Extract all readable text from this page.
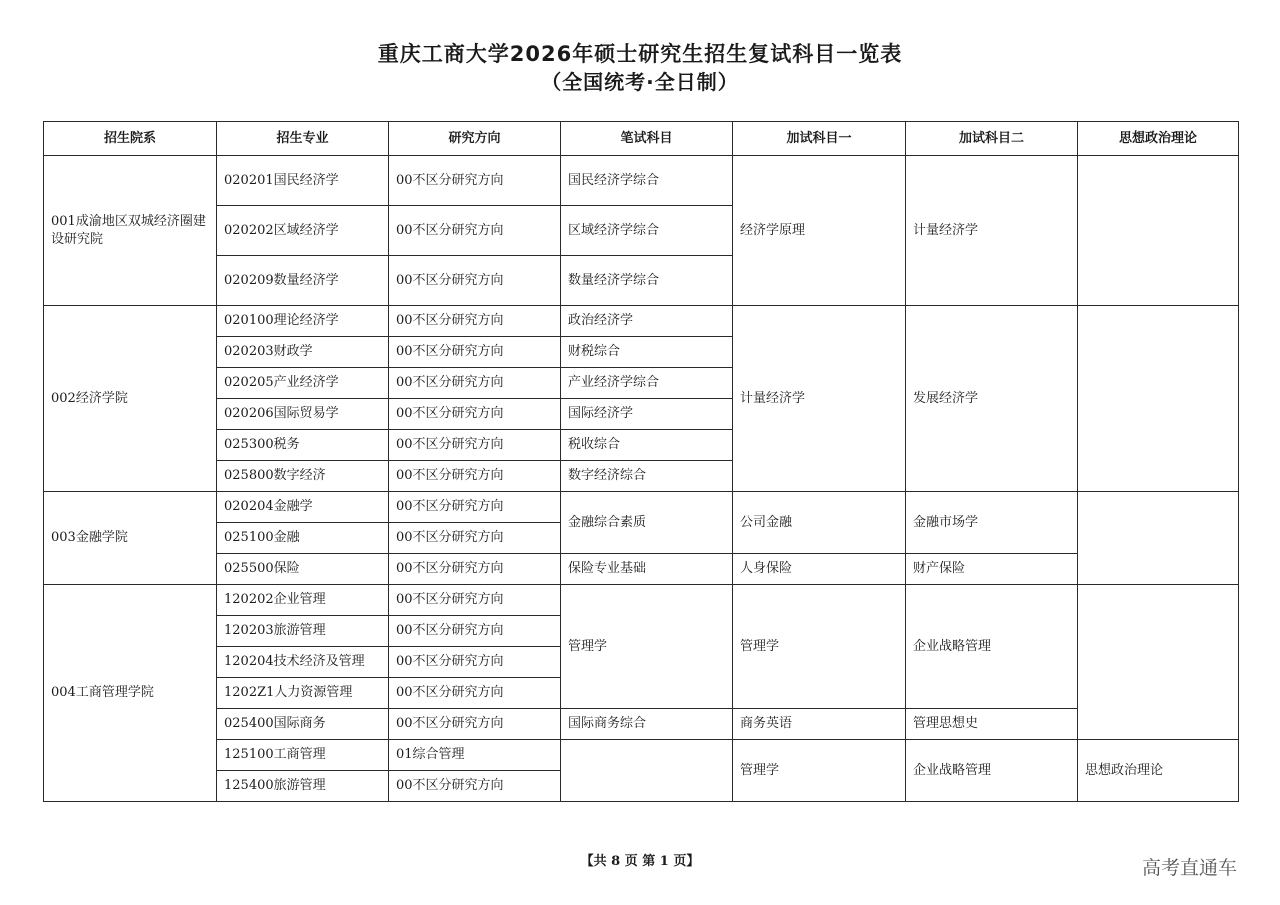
重庆工商大学2026年硕士研究生招生复试科目一览表
（全国统考·全日制）
招生院系	招生专业	研究方向	笔试科目	加试科目一	加试科目二	思想政治理论
001成渝地区双城经济圈建设研究院	020201国民经济学	00不区分研究方向	国民经济学综合	经济学原理	计量经济学	
	020202区域经济学	00不区分研究方向	区域经济学综合			
	020209数量经济学	00不区分研究方向	数量经济学综合			
002经济学院	020100理论经济学	00不区分研究方向	政治经济学	计量经济学	发展经济学	
	020203财政学	00不区分研究方向	财税综合			
	020205产业经济学	00不区分研究方向	产业经济学综合			
	020206国际贸易学	00不区分研究方向	国际经济学			
	025300税务	00不区分研究方向	税收综合			
	025800数字经济	00不区分研究方向	数字经济综合			
003金融学院	020204金融学	00不区分研究方向	金融综合素质	公司金融	金融市场学	
	025100金融	00不区分研究方向				
	025500保险	00不区分研究方向	保险专业基础	人身保险	财产保险	
004工商管理学院	120202企业管理	00不区分研究方向	管理学	管理学	企业战略管理	
	120203旅游管理	00不区分研究方向				
	120204技术经济及管理	00不区分研究方向				
	1202Z1人力资源管理	00不区分研究方向				
	025400国际商务	00不区分研究方向	国际商务综合	商务英语	管理思想史	
	125100工商管理	01综合管理		管理学	企业战略管理	思想政治理论
	125400旅游管理	00不区分研究方向				
【共 8 页 第 1 页】	高考直通车
